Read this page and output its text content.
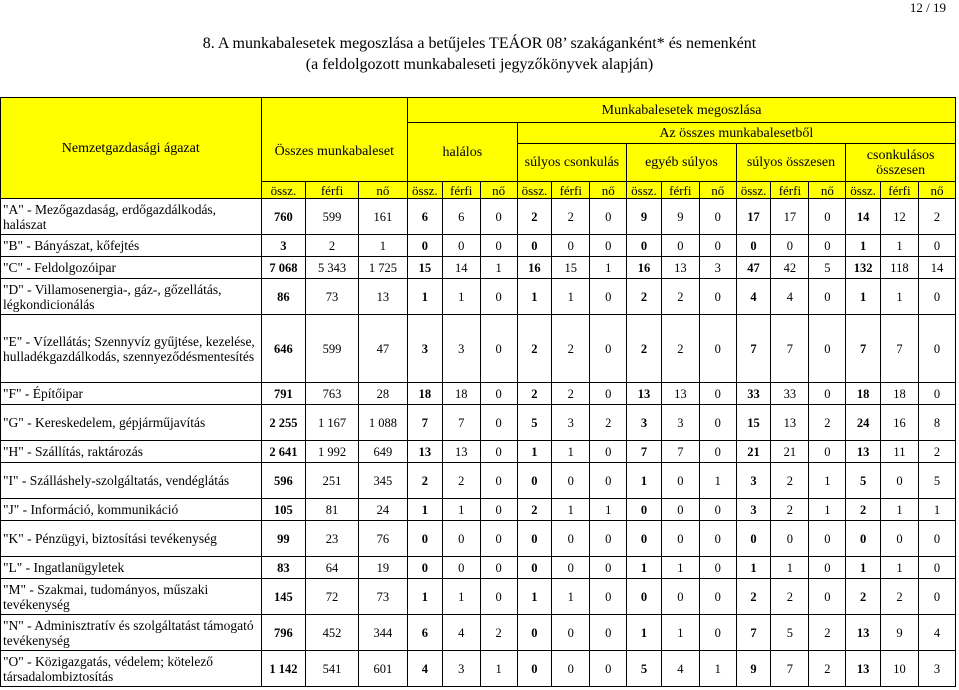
12 / 19
8. A munkabalesetek megoszlása a betűjeles TEÁOR 08’ szakáganként* és nemenként
(a feldolgozott munkabaleseti jegyzőkönyvek alapján)
Nemzetgazdasági ágazat				Munkabalesetek megoszlása														
	Összes munkabaleset			halálos			Az összes munkabalesetből											
							súlyos csonkulás			egyéb súlyos			súlyos összesen			csonkulásos összesen		
	össz.	férfi	nő	össz.	férfi	nő	össz.	férfi	nő	össz.	férfi	nő	össz.	férfi	nő	össz.	férfi	nő
"A" - Mezőgazdaság, erdőgazdálkodás, halászat	760	599	161	6	6	0	2	2	0	9	9	0	17	17	0	14	12	2
"B" - Bányászat, kőfejtés	3	2	1	0	0	0	0	0	0	0	0	0	0	0	0	1	1	0
"C" - Feldolgozóipar	7 068	5 343	1 725	15	14	1	16	15	1	16	13	3	47	42	5	132	118	14
"D" - Villamosenergia-, gáz-, gőzellátás, légkondicionálás	86	73	13	1	1	0	1	1	0	2	2	0	4	4	0	1	1	0
"E" - Vízellátás; Szennyvíz gyűjtése, kezelése, hulladékgazdálkodás, szennyeződésmentesítés	646	599	47	3	3	0	2	2	0	2	2	0	7	7	0	7	7	0
"F" - Építőipar	791	763	28	18	18	0	2	2	0	13	13	0	33	33	0	18	18	0
"G" - Kereskedelem, gépjárműjavítás	2 255	1 167	1 088	7	7	0	5	3	2	3	3	0	15	13	2	24	16	8
"H" - Szállítás, raktározás	2 641	1 992	649	13	13	0	1	1	0	7	7	0	21	21	0	13	11	2
"I" - Szálláshely-szolgáltatás, vendéglátás	596	251	345	2	2	0	0	0	0	1	0	1	3	2	1	5	0	5
"J" - Információ, kommunikáció	105	81	24	1	1	0	2	1	1	0	0	0	3	2	1	2	1	1
"K" - Pénzügyi, biztosítási tevékenység	99	23	76	0	0	0	0	0	0	0	0	0	0	0	0	0	0	0
"L" - Ingatlanügyletek	83	64	19	0	0	0	0	0	0	1	1	0	1	1	0	1	1	0
"M" - Szakmai, tudományos, műszaki tevékenység	145	72	73	1	1	0	1	1	0	0	0	0	2	2	0	2	2	0
"N" - Adminisztratív és szolgáltatást támogató tevékenység	796	452	344	6	4	2	0	0	0	1	1	0	7	5	2	13	9	4
"O" - Közigazgatás, védelem; kötelező társadalombiztosítás	1 142	541	601	4	3	1	0	0	0	5	4	1	9	7	2	13	10	3
